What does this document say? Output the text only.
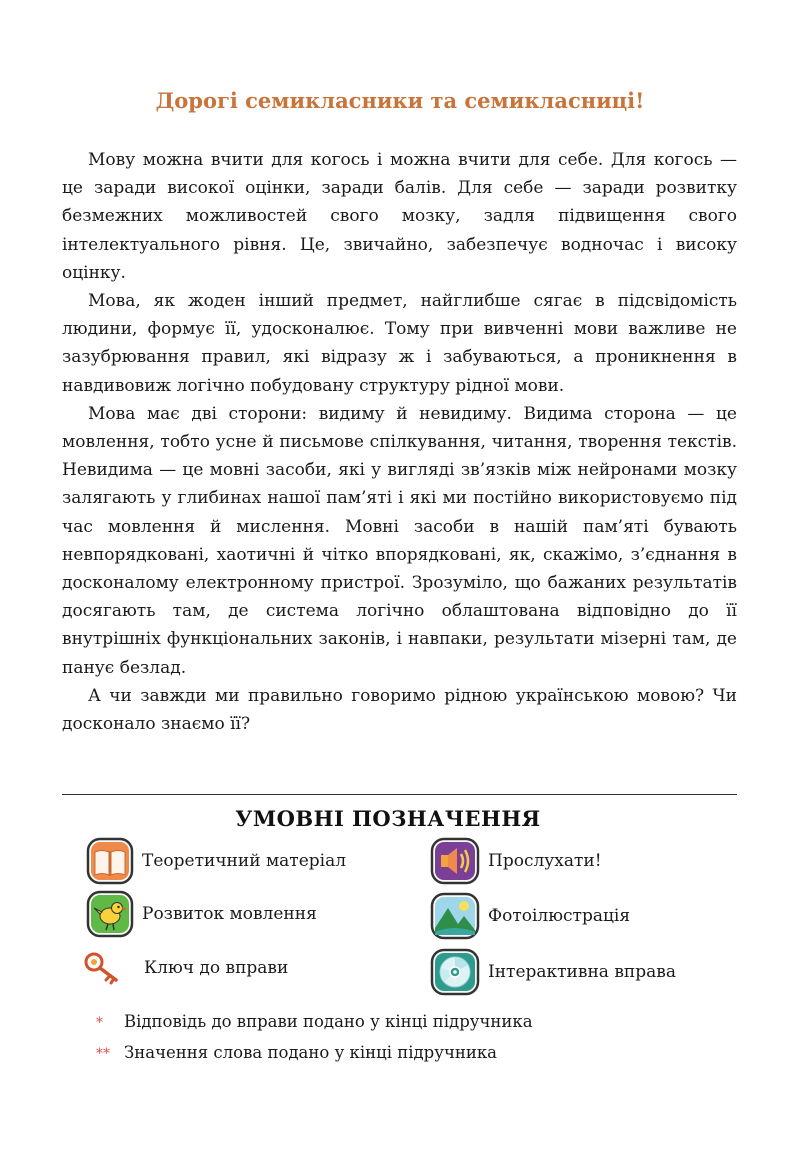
Дорогі семикласники та семикласниці!

Мову можна вчити для когось і можна вчити для себе. Для когось — це заради високої оцінки, заради балів. Для себе — заради розвитку безмежних можливостей свого мозку, задля підвищення свого інтелектуального рівня. Це, звичайно, забезпечує водночас і високу оцінку.

Мова, як жоден інший предмет, найглибше сягає в підсвідомість людини, формує її, удосконалює. Тому при вивченні мови важливе не зазубрювання правил, які відразу ж і забуваються, а проникнення в навдивовиж логічно побудовану структуру рідної мови.

Мова має дві сторони: видиму й невидиму. Видима сторона — це мовлення, тобто усне й письмове спілкування, читання, творення текстів. Невидима — це мовні засоби, які у вигляді зв’язків між нейронами мозку залягають у глибинах нашої пам’яті і які ми постійно використовуємо під час мовлення й мислення. Мовні засоби в нашій пам’яті бувають невпорядковані, хаотичні й чітко впорядковані, як, скажімо, з’єднання в досконалому електронному пристрої. Зрозуміло, що бажаних результатів досягають там, де система логічно облаштована відповідно до її внутрішніх функціональних законів, і навпаки, результати мізерні там, де панує безлад.

А чи завжди ми правильно говоримо рідною українською мовою? Чи досконало знаємо її?

УМОВНІ ПОЗНАЧЕННЯ
Теоретичний матеріал	Прослухати!
Розвиток мовлення	Фотоілюстрація
Ключ до вправи	Інтерактивна вправа
*	Відповідь до вправи подано у кінці підручника
** Значення слова подано у кінці підручника
